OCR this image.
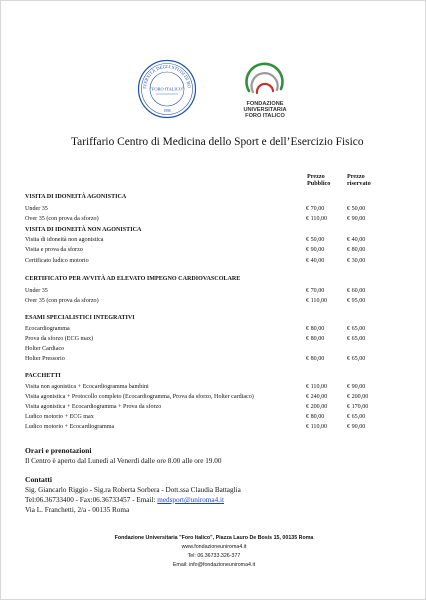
IVERSITÀ DEGLI STUDI DI RO
"FORO ITALICO"
1998
FONDAZIONE
UNIVERSITARIA
FORO ITALICO
Tariffario Centro di Medicina dello Sport e dell’Esercizio Fisico
Prezzo
Pubblico
Prezzo
riservato
VISITA DI IDONEITÀ AGONISTICA
Under 35	€ 70,00	€ 50,00
Over 35 (con prova da sforzo)	€ 110,00	€ 90,00
VISITA DI IDONEITÀ NON AGONISTICA
Visita di idoneità non agonistica	€ 50,00	€ 40,00
Visita e prova da sforzo	€ 90,00	€ 80,00
Certificato ludico motorio	€ 40,00	€ 30,00
CERTIFICATO PER AVVITÀ AD ELEVATO IMPEGNO CARDIOVASCOLARE
Under 35	€ 70,00	€ 60,00
Over 35 (con prova da sforzo)	€ 110,00	€ 95,00
ESAMI SPECIALISTICI INTEGRATIVI
Ecocardiogramma	€ 80,00	€ 65,00
Prova da sforzo (ECG max)	€ 80,00	€ 65,00
Holter Cardiaco
Holter Pressorio	€ 80,00	€ 65,00
PACCHETTI
Visita non agonistica + Ecocardiogramma bambini	€ 110,00	€ 90,00
Visita agonistica + Protocollo completo (Ecocardiogramma, Prova da sforzo, Holter cardiaco)	€ 240,00	€ 200,00
Visita agonistica + Ecocardiogramma + Prova da sforzo	€ 200,00	€ 170,00
Ludico motorio + ECG max	€ 80,00	€ 65,00
Ludico motorio + Ecocardiogramma	€ 110,00	€ 90,00
Orari e prenotazioni
Il Centro è aperto dal Lunedì al Venerdì dalle ore 8.00 alle ore 19.00
Contatti
Sig. Giancarlo Riggio - Sig.ra Roberta Sorbera - Dott.ssa Claudia Battaglia
Tel:06.36733400 - Fax:06.36733457 - Email: medsport@uniroma4.it
Via L. Franchetti, 2/a - 00135 Roma
Fondazione Universitaria "Foro Italico", Piazza Lauro De Bosis 15, 00135 Roma
www.fondazioneuniroma4.it
Tel: 06.36733.326-377
Email: info@fondazioneuniroma4.it
